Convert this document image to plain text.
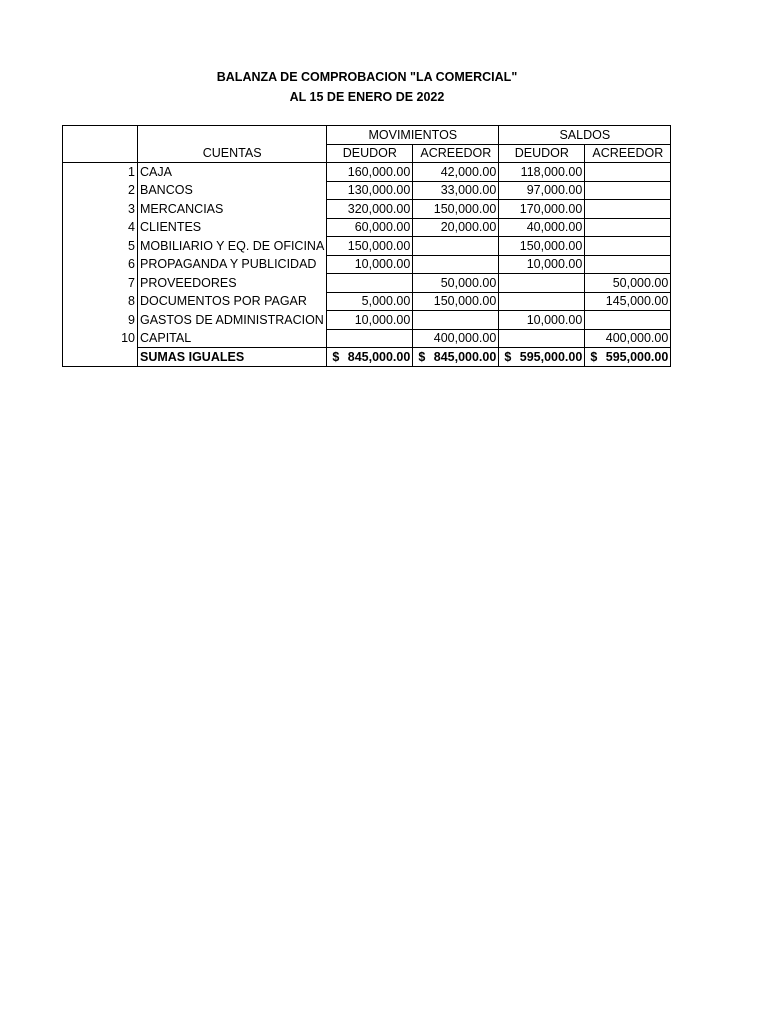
BALANZA DE COMPROBACION "LA COMERCIAL"
AL 15 DE ENERO DE 2022
		MOVIMIENTOS		SALDOS	
	CUENTAS	DEUDOR	ACREEDOR	DEUDOR	ACREEDOR
1	CAJA	160,000.00	42,000.00	118,000.00	
2	BANCOS	130,000.00	33,000.00	97,000.00	
3	MERCANCIAS	320,000.00	150,000.00	170,000.00	
4	CLIENTES	60,000.00	20,000.00	40,000.00	
5	MOBILIARIO Y EQ. DE OFICINA	150,000.00		150,000.00	
6	PROPAGANDA Y PUBLICIDAD	10,000.00		10,000.00	
7	PROVEEDORES		50,000.00		50,000.00
8	DOCUMENTOS POR PAGAR	5,000.00	150,000.00		145,000.00
9	GASTOS DE ADMINISTRACION	10,000.00		10,000.00	
10	CAPITAL		400,000.00		400,000.00
	SUMAS IGUALES	$ 845,000.00	$ 845,000.00	$ 595,000.00	$ 595,000.00
